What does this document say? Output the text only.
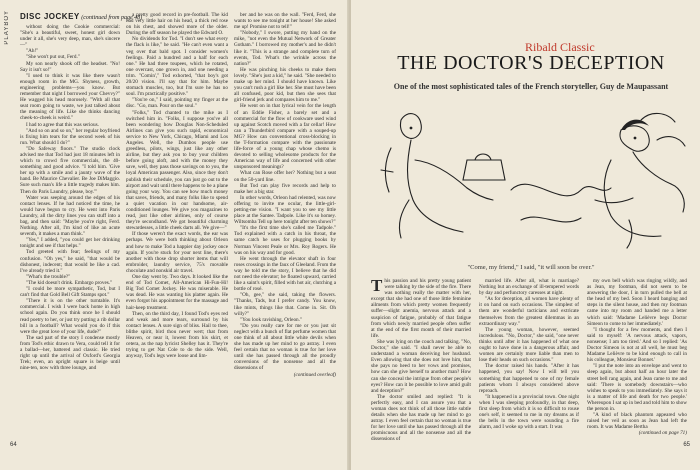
PLAYBOY	DISC JOCKEY (continued from page 48)

without doing the Cookie commercial: "She's a beautiful, sweet, honest girl down under it all, she's very deep, man, she's sincere—"

"Ah!"

"She won't put out, Ferd."

My son nearly shook off the headset. "No! Say it isn't so!"

"I used to think it was like there wasn't enough room in the MG. Shyness, growth, engineering problems—you know. But remember that night I borrowed your Chevvy?" He wagged his head morosely. "With all that seat room going to waste, we just talked about the meaning of life. Like she thinks dancing cheek-to-cheek is weird."

I had to agree that this was serious.

"And so on and so on," her regular boyfriend is fixing him tears for the second week of his run. What should I do?"

"Do Safeway floors." The studio clock advised me that Tod had just 18 minutes left in which to crowd five commercials, the 40-something and good advice. "I told him. 'Give her up with a smile and a jaunty wave of the hand. Be Maurice Chevalier. Be Joe DiMaggio. Sure such man's life a little tragedy makes him. Then do Paris Laundry, please, boy.'"

Water was seeping around the edges of his contact lenses. If he had noticed the time, he would have begun to cry. He went into Paris Laundry, all the dirty lines you can stuff into a bag, and then said: "Maybe you're right, Ferd. Nothing. After all, I'm kind of like an acute seventh, it makes a man think."

"Yes," I added, "you could get her drinking tonight and see if that helps."

Tod greeted with fear; feelings of my confusion. "Oh yes," he said, "that would be dishonest, indecent; that would be like a cad. I've already tried it."

"What's the trouble?"

"The kid doesn't drink. Embargo proves."

"I could be more sympathetic, Tod, but I can't find that Gold Bell Gift Stamps spot."

"There it is on the other turntable. It's commercial. I wish I were back home in high school again. Do you think once he I should read poetry to her, or just try putting a rib dollar bill in a football? What would you do if this were the great love of your life, dude?"

The sad part of the story I condense mostly from Tod's ethic drawn to Vera, could tell it for a ballad—her, battered and classic. He tried right up until the arrival of Oxford's Georgia Trek; even, an upright square is beige until nine-ten, now with three lounge, and

a pretty good record in pre-football. The kid had very little hair on his head, a thick red rose on his chest, and showed more of the older. During the off season he played the Edward O.

No dividends for Tod. "I don't see what every the flack is like," he said. "He can't even want a veg over that bald spot. I consider women's feelings. Paid a hundred and a half for each one." He had three toupees, which he rotated, one overcast, one grown in, and one needing a trim. "Comin'," Tod exhorted, "that boy's got 20/20 vision. I'll say that for him. Maybe stomach muscles, too, but I'm sure he has no soul. I'm practically positive."

"You're on," I said, pointing my finger at the disc. "Go, man. Pour on the soul."

"Folks," Tod chanted to the mike as I switched him in. "Folks, I suppose you've all been wondering how Douglas Non-Scheduled Airlines can give you such rapid, economical service to New York, Chicago, Miami and Los Angeles. Well, the Dumbos people use greedless, pilots, wings, just like any other airline, but they ask you to buy your children before going aloft, and with the money they save, well, they pass those savings on to you, the loyal American passenger. Also, since they don't publish their schedule, you can just go out to the airport and wait until there happens to be a plane going your way. You can see how much money that saves, friends, and many folks like to spend a quiet vacation in our handsome, air-conditioned lounges. We give you magazines to read, just like other airlines, only of course they're secondhand. We got beautiful charming stewardesses, a little cheek darts all. We give—"

If those weren't the exact words, the ear was perhaps. We were both thinking about Orleon and how to make Tod a happier day jockey once again. If you're stuck for your next line, there's another with those drop shorter items that will embroider, laundry service, 75's movable chocolate and nonskid air travel.

One day went by. Two days. It looked like the end of Tod Comet, All-American Hi-Fun-Hi! Big Tod Comet Jockey. He was miserable. He was dead. He was wanting his platter again. He even forgot his appointment for the massage and hair-keep treatment.

Then, on the third day, I found Tod's eyes red and weak and more tears, surround by his contact lenses. A sure sign of bliss. Hail to thee, blithe spirit, bird thou never wert; that from Heaven, or near it, lowest from his skirt, et cetera, as the nap lyricist Shelley has it. They're trying to get Nat Cole to do the side. Well, anyway, Tod's legs were loose and lim-

ber and he was on the wall. "Ferd, Ferd, she wants to see me tonight at her house! She asked me up! Promise not to tell!"

"Nobody," I swore, putting my hand on the mike, "not even the Mutual Network of Greater Gotham." I borrowed my mother's and he didn't like it. "This is a strange and complete turn of events, Tod. What's the wrinkle across the nation?"

He was pinching his cheeks to make them lovely. "She's just a kid," he said. "She needed to make up her mind. I should have known. Like you can't rush a girl like her. She must have been all confused, poor kid, but then she sees that girl-friend jerk and compares him to me."

He went on in that lyrical vein for the length of an Eddie Fisher, a barely set and a commercial for the flow of cookware used wind up against Scotch moved with a far cellar! How can a Thunderbird compare with a souped-up MG? How can conventional cross-blocking in the T-formation compare with the passionate life-force of a young chap whose chemo is devoted to selling wholesome products for the American way of life and concerned with other unsponsored meanings?

What can Rose offer her? Nothing but a seat on the 50-yard line.

But Tod can play five records and help to make her a big star.

In other words, Orleon had relented, was now offering to invite me ocular, the little-girl-petting-me vision. "I want you to see my little place at the Santee. Tadpole. Like it's so homey. Wiltsomba Tell up here tonight after ten shows?"

"It's the first time she's called me Tadpole." Tod explained with a catch in his throat, the same catch he uses for plugging books by Norman Vincent Peale or Mrs. Roy Rogers. He was on his way and for good.

He went through the elevator shaft in four roses crossings in the faux of Gleeland. From the way he told me the story, I believe that he did not need the elevator; he floated upward, carried like a saint's spirit, filled with hot air, clutching a bottle of rosé.

"Oh, gee," she said, taking the flowers. "Thanks, Tads, but I prefer candy. You know, like mints, things like that. Come in. Sit. Oh willy?"

"You look ravishing, Orleon."

"Do you really care for me or you just sit neglect with a bunch of flat perfume women that one think of all about little white devils when she has made up her mind to go astray. I even feel certain that no woman is true for her love until she has passed through all the proudly conversions of the nonsense and all the dissensions of

(continued overleaf)

64
Ribald Classic
THE DOCTOR'S DECEPTION
One of the most sophisticated tales of the French storyteller, Guy de Maupassant
"Come, my friend," I said, "it will soon be over."

This passion and his pretty young patient were talking by the side of the fire. There was nothing really the matter with her, except that she had one of those little feminine ailments from which pretty women frequently suffer—slight anemia, nervous attack and a suspicion of fatigue, probably of that fatigue from which newly married people often suffer at the end of the first month of their married life.

She was lying on the couch and talking. "No, Doctor," she said. "I shall never be able to understand a woman deceiving her husband. Even allowing that she does not love him, that she pays no heed to her vows and promises, how can she give herself to another man? How can she conceal the intrigue from other people's eyes? How can it be possible to love amid guilt and deception?"

The doctor smiled and replied: "It is perfectly easy, and I can assure you that a woman does not think of all those little subtle details when she has made up her mind to go astray. I even feel certain that no woman is true for her love until she has passed through all the promiscuous and all the nonsense and all the dissensions of

married life. After all, what is marriage? Nothing but an exchange of ill-tempered words by day and perfunctory caresses at night.

"As for deception, all women have plenty of it on hand on such occasions. The simplest of them are wonderful tacticians and extricate themselves from the greatest dilemmas in an extraordinary way."

The young woman, however, seemed incredulous. "No, Doctor," she said, "one never thinks until after it has happened of what one ought to have done in a dangerous affair, and women are certainly more liable than men to lose their heads on such occasions."

The doctor raised his hands. "After it has happened, you say! Now I will tell you something that happened to one of my female patients whom I always considered above reproach.

"It happened in a provincial town. One night when I was sleeping profoundly, in that deep, first sleep from which it is so difficult to rouse one's self, it seemed to me in my dreams as if the bells in the town were sounding a fire alarm, and I woke up with a start. It was

my own bell which was ringing wildly, and as Jean, my footman, did not seem to be answering the door, I in turn pulled the bell at the head of my bed. Soon I heard banging and steps in the silent house, and then my footman came into my room and handed me a letter which said: 'Madame Lelièvre begs Doctor Simeon to come to her immediately.'

"I thought for a few moments, and then I said to myself: 'A nervous attack, vapors, nonsense; I am too tired.' And so I replied: 'As Doctor Simeon is not at all well, he must beg Madame Lelièvre to be kind enough to call in his colleague, Monsieur Bonnet.'

"I put the note into an envelope and went to sleep again, but about half an hour later the street bell rang again, and Jean came to me and said: 'There is somebody downstairs—who wishes to speak to you immediately. She says it is a matter of life and death for two people.' Whereupon I sat up in bed and told him to show the person in.

"A kind of black phantom appeared who raised her veil as soon as Jean had left the room. It was Madame Bertha

(continued on page 71)

65
